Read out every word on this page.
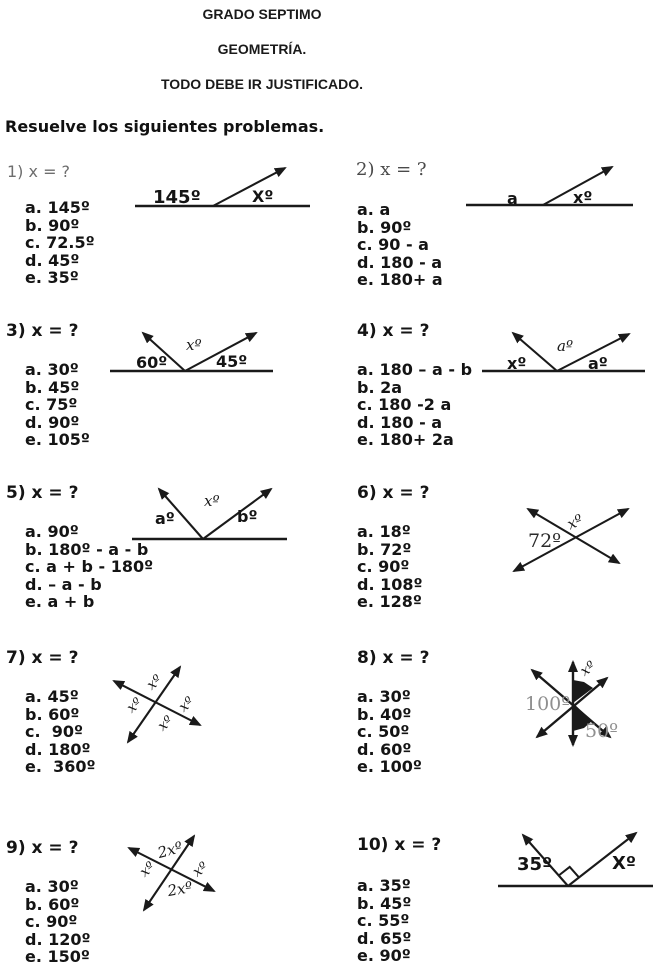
GRADO SEPTIMO
GEOMETRÍA.
TODO DEBE IR JUSTIFICADO.
Resuelve los siguientes problemas.
1) x = ?
a. 145º
b. 90º
c. 72.5º
d. 45º
e. 35º
145º	Xº
2) x = ?
a. a
b. 90º
c. 90 - a
d. 180 - a
e. 180+ a
a	xº
3) x = ?
a. 30º
b. 45º
c. 75º
d. 90º
e. 105º
60º
xº
45º
4) x = ?
a. 180 – a - b
b. 2a
c. 180 -2 a
d. 180 - a
e. 180+ 2a
xº
aº
aº
5) x = ?
a. 90º
b. 180º - a - b
c. a + b - 180º
d. – a - b
e. a + b
aº
xº
bº
6) x = ?
a. 18º
b. 72º
c. 90º
d. 108º
e. 128º
72º
xº
7) x = ?
a. 45º
b. 60º
c.  90º
d. 180º
e.  360º
xº
xº xº
xº
8) x = ?
a. 30º
b. 40º
c. 50º
d. 60º
e. 100º
100º
xº
50º
9) x = ?
a. 30º
b. 60º
c. 90º
d. 120º
e. 150º
2xº
xº xº
2xº
10) x = ?
a. 35º
b. 45º
c. 55º
d. 65º
e. 90º
35º	Xº
